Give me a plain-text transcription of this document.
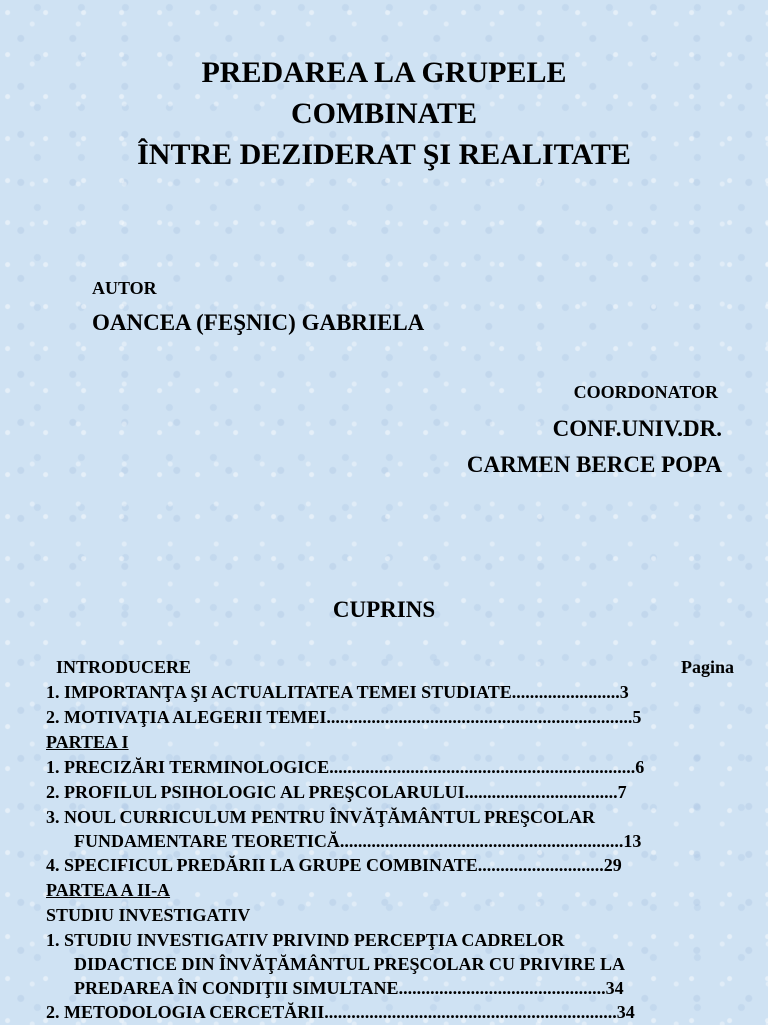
PREDAREA LA GRUPELE
COMBINATE
ÎNTRE DEZIDERAT ŞI REALITATE
AUTOR
OANCEA (FEŞNIC) GABRIELA
COORDONATOR
CONF.UNIV.DR.
CARMEN BERCE POPA
CUPRINS
INTRODUCERE	Pagina
1. IMPORTANŢA ŞI ACTUALITATEA TEMEI STUDIATE........................3
2. MOTIVAŢIA ALEGERII TEMEI....................................................................5
PARTEA I
1. PRECIZĂRI TERMINOLOGICE....................................................................6
2. PROFILUL PSIHOLOGIC AL PREŞCOLARULUI..................................7
3. NOUL CURRICULUM PENTRU ÎNVĂŢĂMÂNTUL PREŞCOLAR
FUNDAMENTARE TEORETICĂ...............................................................13
4. SPECIFICUL PREDĂRII LA GRUPE COMBINATE............................29
PARTEA A II-A
STUDIU INVESTIGATIV
1. STUDIU INVESTIGATIV PRIVIND PERCEPŢIA CADRELOR
DIDACTICE DIN ÎNVĂŢĂMÂNTUL PREŞCOLAR CU PRIVIRE LA
PREDAREA ÎN CONDIŢII SIMULTANE..............................................34
2. METODOLOGIA CERCETĂRII.................................................................34
